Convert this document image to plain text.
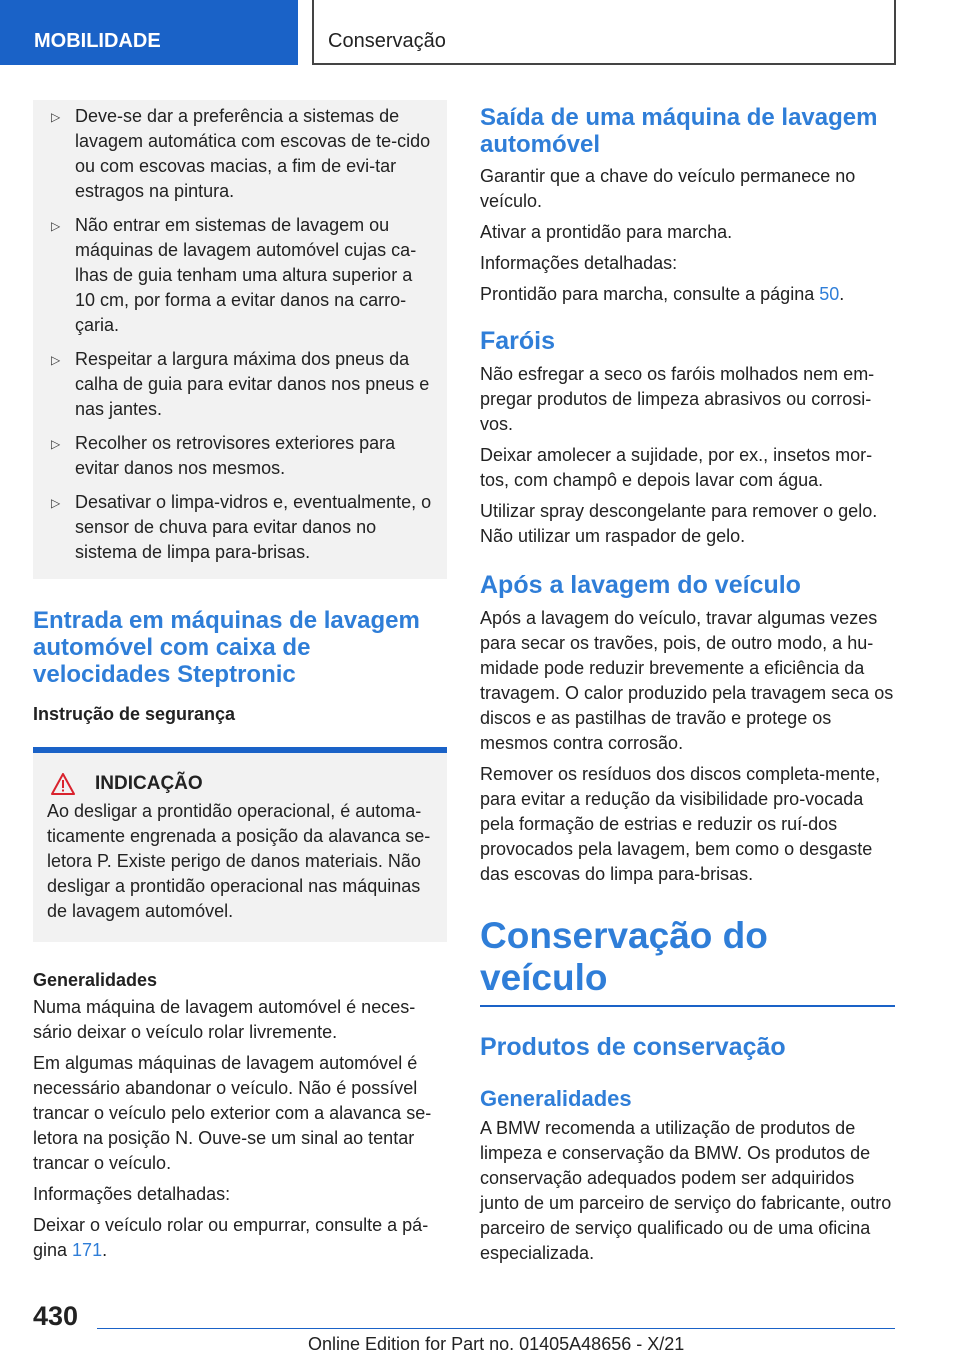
MOBILIDADE	Conservação
▷ Deve-se dar a preferência a sistemas de lavagem automática com escovas de te-cido ou com escovas macias, a fim de evi-tar estragos na pintura.
▷ Não entrar em sistemas de lavagem ou máquinas de lavagem automóvel cujas ca-lhas de guia tenham uma altura superior a 10 cm, por forma a evitar danos na carro-çaria.
▷ Respeitar a largura máxima dos pneus da calha de guia para evitar danos nos pneus e nas jantes.
▷ Recolher os retrovisores exteriores para evitar danos nos mesmos.
▷ Desativar o limpa-vidros e, eventualmente, o sensor de chuva para evitar danos no sistema de limpa para-brisas.
Entrada em máquinas de lavagem automóvel com caixa de velocidades Steptronic
Instrução de segurança
INDICAÇÃO

Ao desligar a prontidão operacional, é automa-ticamente engrenada a posição da alavanca se-letora P. Existe perigo de danos materiais. Não desligar a prontidão operacional nas máquinas de lavagem automóvel.

Generalidades

Numa máquina de lavagem automóvel é neces-sário deixar o veículo rolar livremente.

Em algumas máquinas de lavagem automóvel é necessário abandonar o veículo. Não é possível trancar o veículo pelo exterior com a alavanca se-letora na posição N. Ouve-se um sinal ao tentar trancar o veículo.

Informações detalhadas:

Deixar o veículo rolar ou empurrar, consulte a pá-gina 171.

Saída de uma máquina de lavagem automóvel

Garantir que a chave do veículo permanece no veículo.

Ativar a prontidão para marcha.

Informações detalhadas:

Prontidão para marcha, consulte a página 50.

Faróis

Não esfregar a seco os faróis molhados nem em-pregar produtos de limpeza abrasivos ou corrosi-vos.

Deixar amolecer a sujidade, por ex., insetos mor-tos, com champô e depois lavar com água.

Utilizar spray descongelante para remover o gelo. Não utilizar um raspador de gelo.

Após a lavagem do veículo

Após a lavagem do veículo, travar algumas vezes para secar os travões, pois, de outro modo, a hu-midade pode reduzir brevemente a eficiência da travagem. O calor produzido pela travagem seca os discos e as pastilhas de travão e protege os mesmos contra corrosão.

Remover os resíduos dos discos completa-mente, para evitar a redução da visibilidade pro-vocada pela formação de estrias e reduzir os ruí-dos provocados pela lavagem, bem como o desgaste das escovas do limpa para-brisas.

Conservação do veículo
Produtos de conservação
Generalidades

A BMW recomenda a utilização de produtos de limpeza e conservação da BMW. Os produtos de conservação adequados podem ser adquiridos junto de um parceiro de serviço do fabricante, outro parceiro de serviço qualificado ou de uma oficina especializada.

430
Online Edition for Part no. 01405A48656 - X/21
